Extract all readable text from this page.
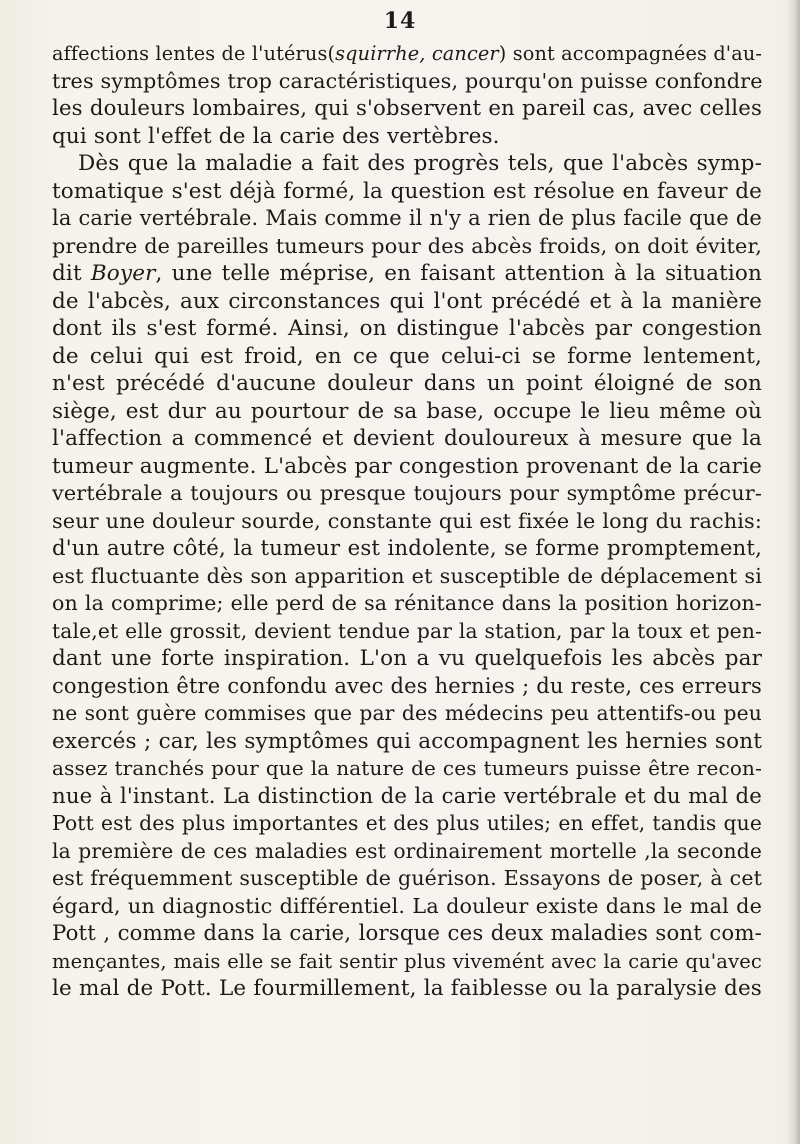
14
affections lentes de l'utérus(squirrhe, cancer) sont accompagnées d'au-
tres symptômes trop caractéristiques, pourqu'on puisse confondre
les douleurs lombaires, qui s'observent en pareil cas, avec celles
qui sont l'effet de la carie des vertèbres.
Dès que la maladie a fait des progrès tels, que l'abcès symp-
tomatique s'est déjà formé, la question est résolue en faveur de
la carie vertébrale. Mais comme il n'y a rien de plus facile que de
prendre de pareilles tumeurs pour des abcès froids, on doit éviter,
dit Boyer, une telle méprise, en faisant attention à la situation
de l'abcès, aux circonstances qui l'ont précédé et à la manière
dont ils s'est formé. Ainsi, on distingue l'abcès par congestion
de celui qui est froid, en ce que celui-ci se forme lentement,
n'est précédé d'aucune douleur dans un point éloigné de son
siège, est dur au pourtour de sa base, occupe le lieu même où
l'affection a commencé et devient douloureux à mesure que la
tumeur augmente. L'abcès par congestion provenant de la carie
vertébrale a toujours ou presque toujours pour symptôme précur-
seur une douleur sourde, constante qui est fixée le long du rachis:
d'un autre côté, la tumeur est indolente, se forme promptement,
est fluctuante dès son apparition et susceptible de déplacement si
on la comprime; elle perd de sa rénitance dans la position horizon-
tale,et elle grossit, devient tendue par la station, par la toux et pen-
dant une forte inspiration. L'on a vu quelquefois les abcès par
congestion être confondu avec des hernies ; du reste, ces erreurs
ne sont guère commises que par des médecins peu attentifs-ou peu
exercés ; car, les symptômes qui accompagnent les hernies sont
assez tranchés pour que la nature de ces tumeurs puisse être recon-
nue à l'instant. La distinction de la carie vertébrale et du mal de
Pott est des plus importantes et des plus utiles; en effet, tandis que
la première de ces maladies est ordinairement mortelle ,la seconde
est fréquemment susceptible de guérison. Essayons de poser, à cet
égard, un diagnostic différentiel. La douleur existe dans le mal de
Pott , comme dans la carie, lorsque ces deux maladies sont com-
mençantes, mais elle se fait sentir plus vivemént avec la carie qu'avec
le mal de Pott. Le fourmillement, la faiblesse ou la paralysie des
